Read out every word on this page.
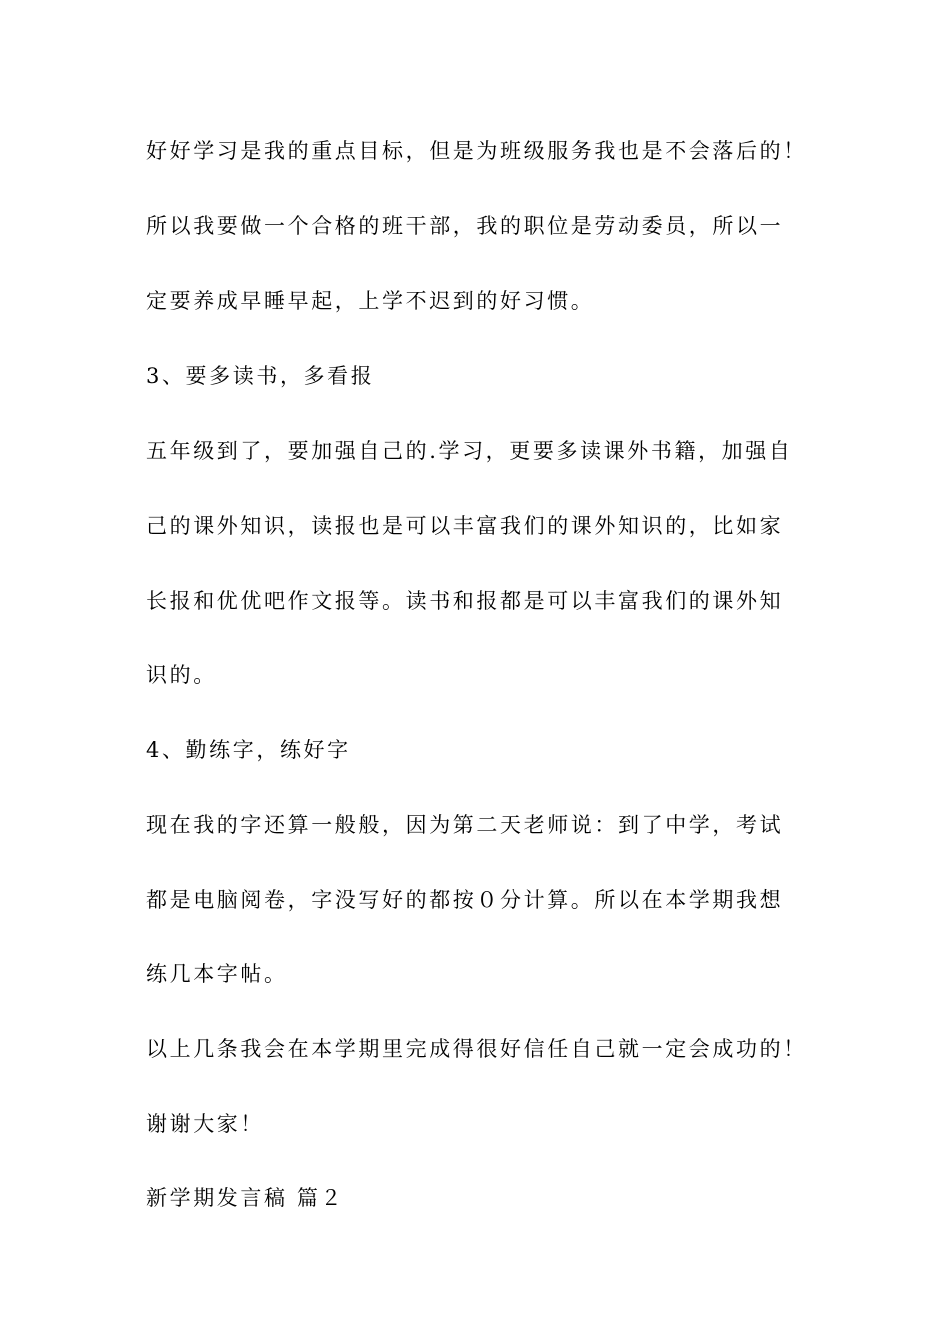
好好学习是我的重点目标，但是为班级服务我也是不会落后的！

所以我要做一个合格的班干部，我的职位是劳动委员，所以一

定要养成早睡早起，上学不迟到的好习惯。

3、要多读书，多看报

五年级到了，要加强自己的.学习，更要多读课外书籍，加强自

己的课外知识，读报也是可以丰富我们的课外知识的，比如家

长报和优优吧作文报等。读书和报都是可以丰富我们的课外知

识的。

4、勤练字，练好字

现在我的字还算一般般，因为第二天老师说：到了中学，考试

都是电脑阅卷，字没写好的都按０分计算。所以在本学期我想

练几本字帖。

以上几条我会在本学期里完成得很好信任自己就一定会成功的！

谢谢大家！

新学期发言稿 篇２
